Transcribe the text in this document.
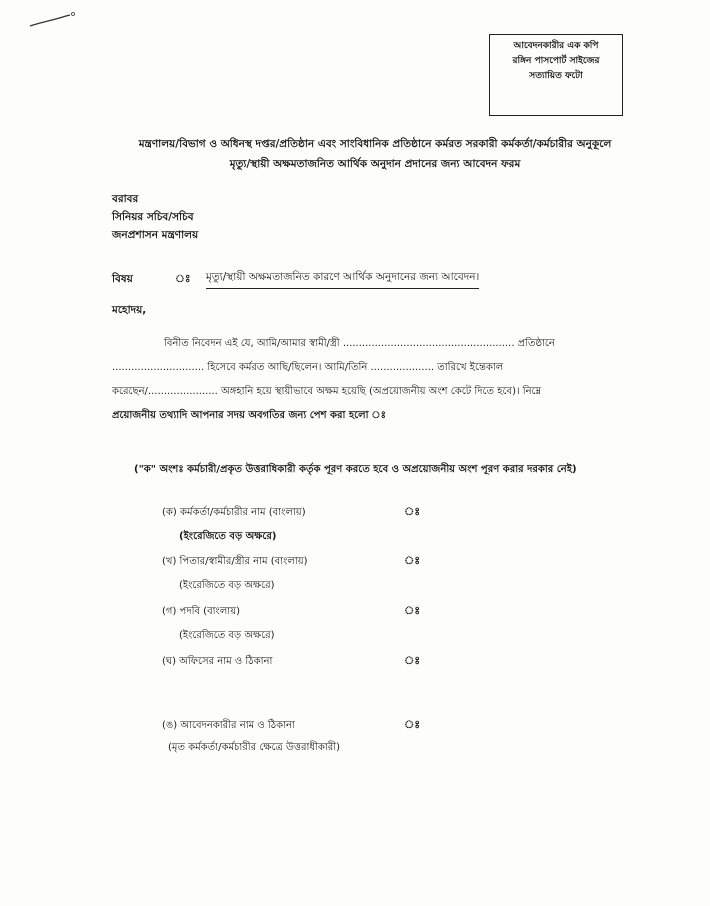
আবেদনকারীর এক কপি
রঙ্গিন পাসপোর্ট সাইজের
সত্যায়িত ফটো
মন্ত্রণালয়/বিভাগ ও অধিনস্থ দপ্তর/প্রতিষ্ঠান এবং সাংবিধানিক প্রতিষ্ঠানে কর্মরত সরকারী কর্মকর্তা/কর্মচারীর অনুকূলে
মৃত্যু/স্থায়ী অক্ষমতাজনিত আর্থিক অনুদান প্রদানের জন্য আবেদন ফরম
বরাবর
সিনিয়র সচিব/সচিব
জনপ্রশাসন মন্ত্রণালয়
বিষয়	ঃ মৃত্যু/স্থায়ী অক্ষমতাজনিত কারণে আর্থিক অনুদানের জন্য আবেদন।
মহোদয়,
বিনীত নিবেদন এই যে, আমি/আমার স্বামী/স্ত্রী ...................................................... প্রতিষ্ঠানে
............................. হিসেবে কর্মরত আছি/ছিলেন। আমি/তিনি .................... তারিখে ইন্তেকাল
করেছেন/...................... অঙ্গহানি হয়ে স্থায়ীভাবে অক্ষম হয়েছি (অপ্রয়োজনীয় অংশ কেটে দিতে হবে)। নিম্নে
প্রয়োজনীয় তথ্যাদি আপনার সদয় অবগতির জন্য পেশ করা হলো ঃ
("ক" অংশঃ কর্মচারী/প্রকৃত উত্তরাধিকারী কর্তৃক পূরণ করতে হবে ও অপ্রয়োজনীয় অংশ পূরণ করার দরকার নেই)
(ক) কর্মকর্তা/কর্মচারীর নাম (বাংলায়)	ঃ
(ইংরেজিতে বড় অক্ষরে)
(খ) পিতার/স্বামীর/স্ত্রীর নাম (বাংলায়)	ঃ
(ইংরেজিতে বড় অক্ষরে)
(গ) পদবি (বাংলায়)	ঃ
(ইংরেজিতে বড় অক্ষরে)
(ঘ) অফিসের নাম ও ঠিকানা	ঃ
(ঙ) আবেদনকারীর নাম ও ঠিকানা	ঃ
(মৃত কর্মকর্তা/কর্মচারীর ক্ষেত্রে উত্তরাধীকারী)
